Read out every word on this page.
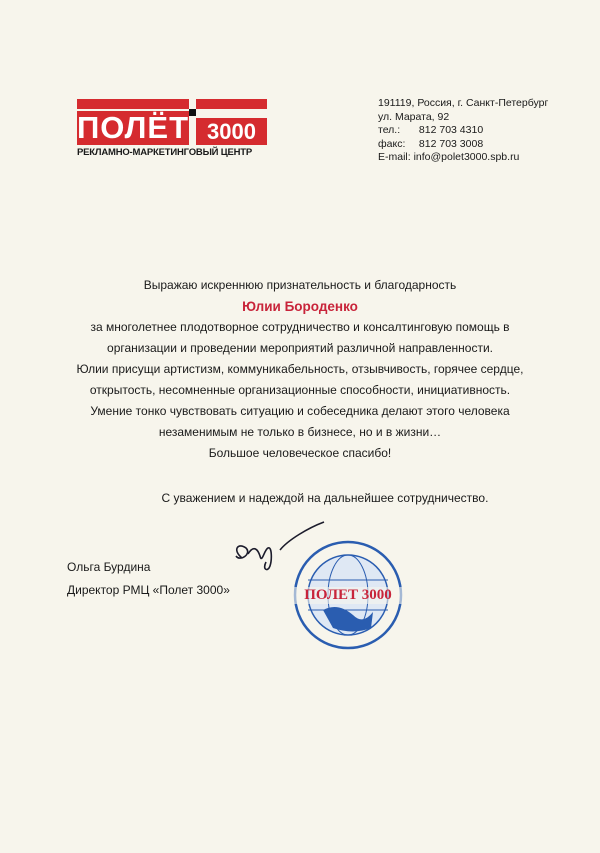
ПОЛЁТ 3000
РЕКЛАМНО-МАРКЕТИНГОВЫЙ ЦЕНТР
191119, Россия, г. Санкт-Петербург
ул. Марата, 92
тел.: 812 703 4310
факс: 812 703 3008
E-mail: info@polet3000.spb.ru
Выражаю искреннюю признательность и благодарность
Юлии Бороденко
за многолетнее плодотворное сотрудничество и консалтинговую помощь в
организации и проведении мероприятий различной направленности.
Юлии присущи артистизм, коммуникабельность, отзывчивость, горячее сердце,
открытость, несомненные организационные способности, инициативность.
Умение тонко чувствовать ситуацию и собеседника делают этого человека
незаменимым не только в бизнесе, но и в жизни…
Большое человеческое спасибо!
С уважением и надеждой на дальнейшее сотрудничество.
Ольга Бурдина
Директор РМЦ «Полет 3000»	ПОЛЕТ 3000
